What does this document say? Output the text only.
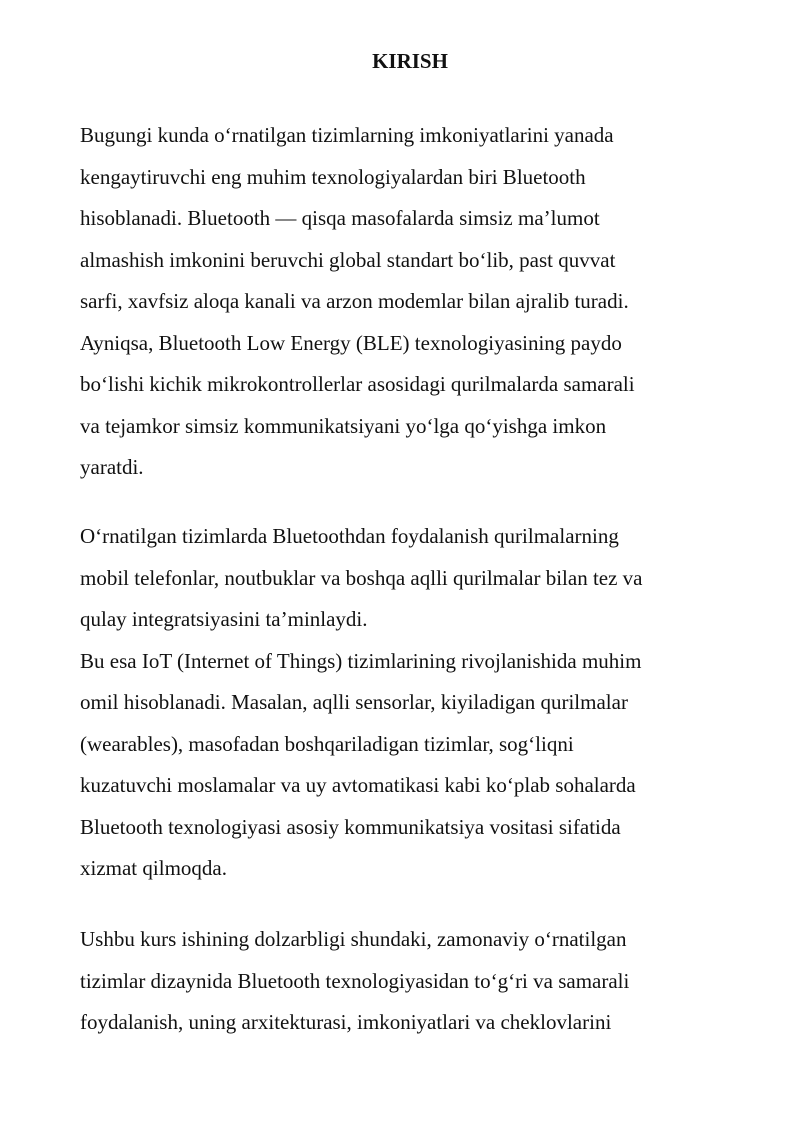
KIRISH
Bugungi kunda oʻrnatilgan tizimlarning imkoniyatlarini yanada
kengaytiruvchi eng muhim texnologiyalardan biri Bluetooth
hisoblanadi. Bluetooth — qisqa masofalarda simsiz maʼlumot
almashish imkonini beruvchi global standart boʻlib, past quvvat
sarfi, xavfsiz aloqa kanali va arzon modemlar bilan ajralib turadi.
Ayniqsa, Bluetooth Low Energy (BLE) texnologiyasining paydo
boʻlishi kichik mikrokontrollerlar asosidagi qurilmalarda samarali
va tejamkor simsiz kommunikatsiyani yoʻlga qoʻyishga imkon
yaratdi.
Oʻrnatilgan tizimlarda Bluetoothdan foydalanish qurilmalarning
mobil telefonlar, noutbuklar va boshqa aqlli qurilmalar bilan tez va
qulay integratsiyasini taʼminlaydi.
Bu esa IoT (Internet of Things) tizimlarining rivojlanishida muhim
omil hisoblanadi. Masalan, aqlli sensorlar, kiyiladigan qurilmalar
(wearables), masofadan boshqariladigan tizimlar, sogʻliqni
kuzatuvchi moslamalar va uy avtomatikasi kabi koʻplab sohalarda
Bluetooth texnologiyasi asosiy kommunikatsiya vositasi sifatida
xizmat qilmoqda.
Ushbu kurs ishining dolzarbligi shundaki, zamonaviy oʻrnatilgan
tizimlar dizaynida Bluetooth texnologiyasidan toʻgʻri va samarali
foydalanish, uning arxitekturasi, imkoniyatlari va cheklovlarini
